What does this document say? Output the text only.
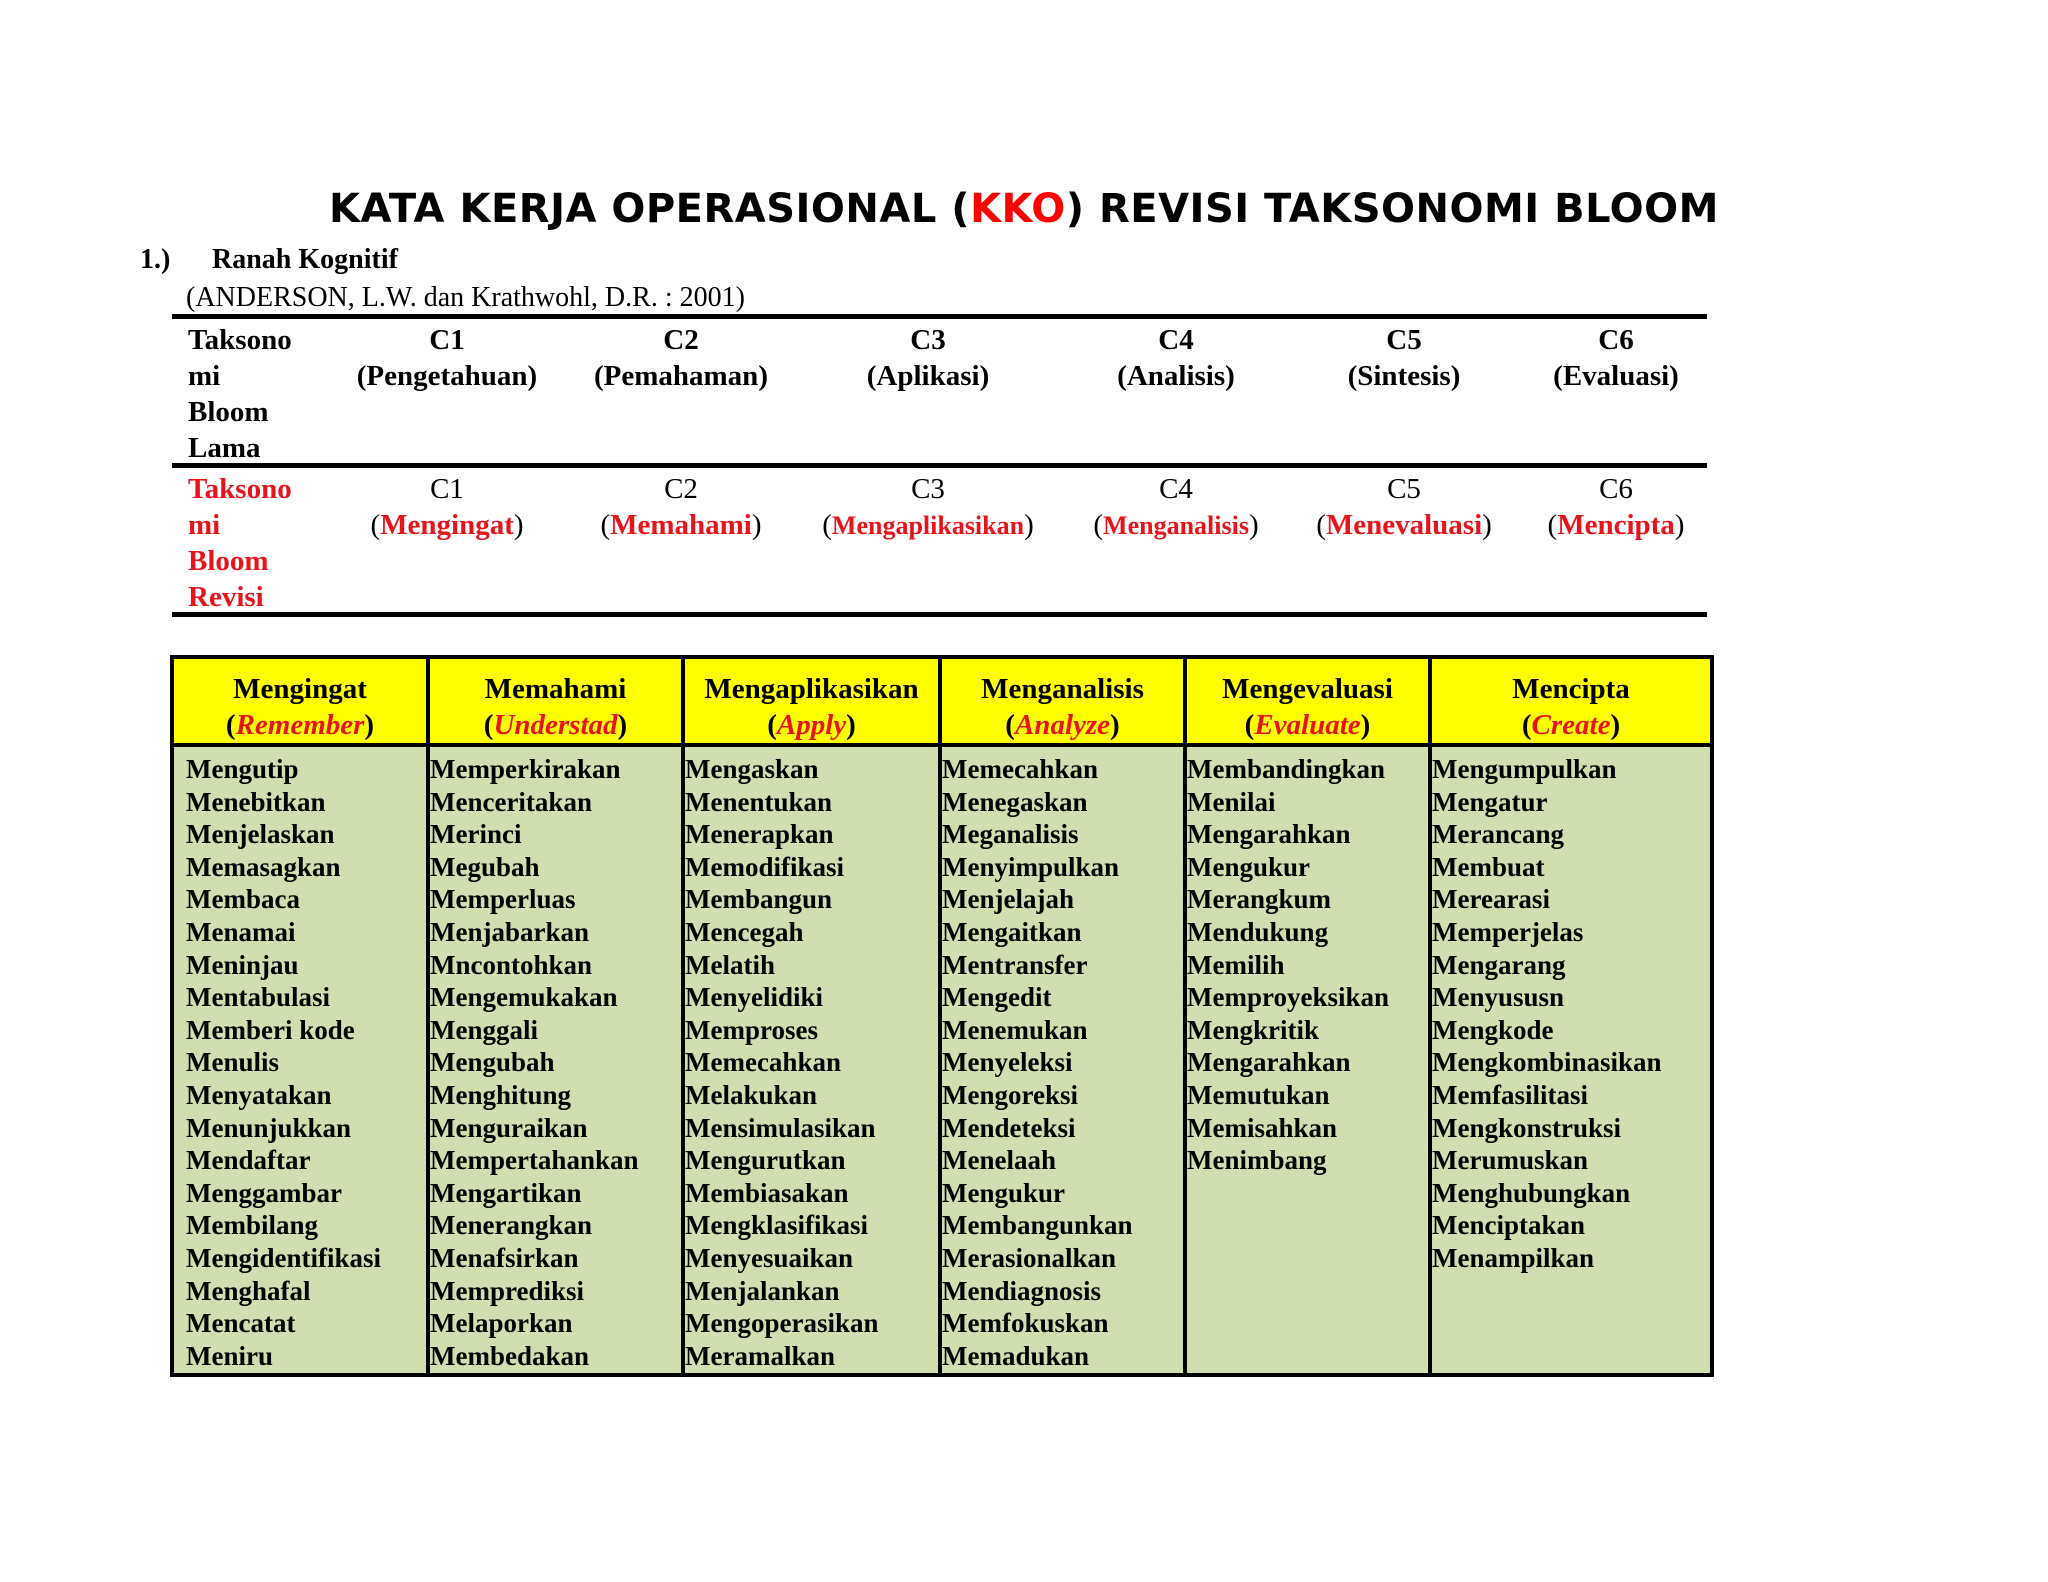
KATA KERJA OPERASIONAL (KKO) REVISI TAKSONOMI BLOOM
1.) Ranah Kognitif
(ANDERSON, L.W. dan Krathwohl, D.R. : 2001)
Taksono
mi
Bloom
Lama
C1
(Pengetahuan)
C2
(Pemahaman)
C3
(Aplikasi)
C4
(Analisis)
C5
(Sintesis)
C6
(Evaluasi)
Taksono
mi
Bloom
Revisi
C1
(Mengingat)
C2
(Memahami)
C3
(Mengaplikasikan)
C4
(Menganalisis)
C5
(Menevaluasi)
C6
(Mencipta)
Mengingat
(Remember)
Mengutip
Menebitkan
Menjelaskan
Memasagkan
Membaca
Menamai
Meninjau
Mentabulasi
Memberi kode
Menulis
Menyatakan
Menunjukkan
Mendaftar
Menggambar
Membilang
Mengidentifikasi
Menghafal
Mencatat
Meniru
Memahami
(Understad)
Memperkirakan
Menceritakan
Merinci
Megubah
Memperluas
Menjabarkan
Mncontohkan
Mengemukakan
Menggali
Mengubah
Menghitung
Menguraikan
Mempertahankan
Mengartikan
Menerangkan
Menafsirkan
Memprediksi
Melaporkan
Membedakan
Mengaplikasikan
(Apply)
Mengaskan
Menentukan
Menerapkan
Memodifikasi
Membangun
Mencegah
Melatih
Menyelidiki
Memproses
Memecahkan
Melakukan
Mensimulasikan
Mengurutkan
Membiasakan
Mengklasifikasi
Menyesuaikan
Menjalankan
Mengoperasikan
Meramalkan
Menganalisis
(Analyze)
Memecahkan
Menegaskan
Meganalisis
Menyimpulkan
Menjelajah
Mengaitkan
Mentransfer
Mengedit
Menemukan
Menyeleksi
Mengoreksi
Mendeteksi
Menelaah
Mengukur
Membangunkan
Merasionalkan
Mendiagnosis
Memfokuskan
Memadukan
Mengevaluasi
(Evaluate)
Membandingkan
Menilai
Mengarahkan
Mengukur
Merangkum
Mendukung
Memilih
Memproyeksikan
Mengkritik
Mengarahkan
Memutukan
Memisahkan
Menimbang
Mencipta
(Create)
Mengumpulkan
Mengatur
Merancang
Membuat
Merearasi
Memperjelas
Mengarang
Menyususn
Mengkode
Mengkombinasikan
Memfasilitasi
Mengkonstruksi
Merumuskan
Menghubungkan
Menciptakan
Menampilkan
